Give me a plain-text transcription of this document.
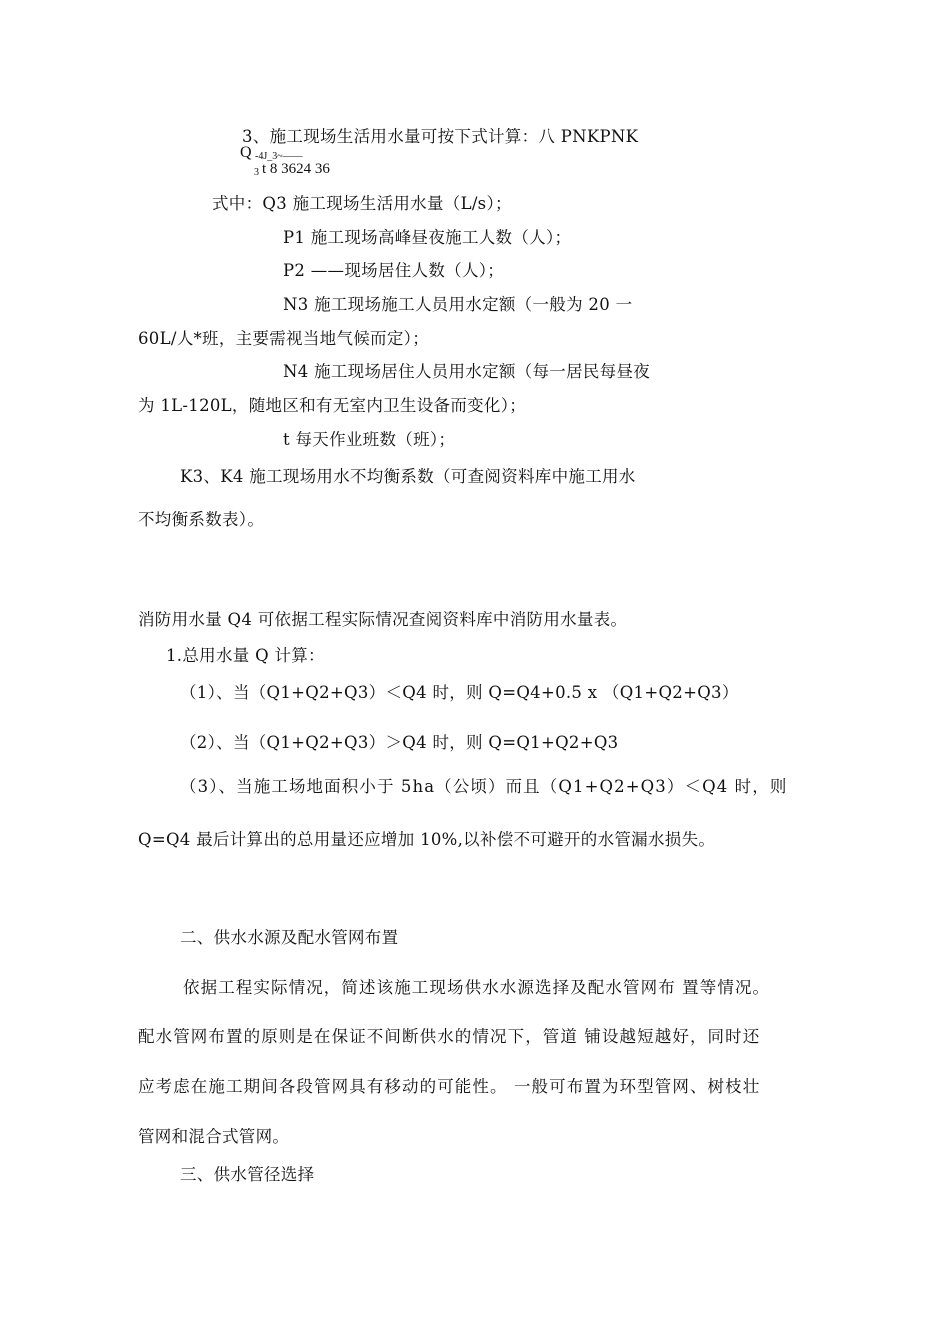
3、施工现场生活用水量可按下式计算：八 PNKPNK
Q -4J_3~——
3 t 8 3624 36
式中：Q3 施工现场生活用水量（L/s）；
P1 施工现场高峰昼夜施工人数（人）；
P2 ——现场居住人数（人）；
N3 施工现场施工人员用水定额（一般为 20 一
60L/人*班，主要需视当地气候而定）；
N4 施工现场居住人员用水定额（每一居民每昼夜
为 1L-120L，随地区和有无室内卫生设备而变化）；
t 每天作业班数（班）；
K3、K4 施工现场用水不均衡系数（可查阅资料库中施工用水
不均衡系数表）。
消防用水量 Q4 可依据工程实际情况查阅资料库中消防用水量表。
1.总用水量 Q 计算：
（1）、当（Q1+Q2+Q3）＜Q4 时，则 Q=Q4+0.5 x （Q1+Q2+Q3）
（2）、当（Q1+Q2+Q3）＞Q4 时，则 Q=Q1+Q2+Q3
（3）、当施工场地面积小于 5ha（公顷）而且（Q1+Q2+Q3）＜Q4 时，则
Q=Q4 最后计算出的总用量还应增加 10%,以补偿不可避开的水管漏水损失。
二、供水水源及配水管网布置
依据工程实际情况，简述该施工现场供水水源选择及配水管网布 置等情况。
配水管网布置的原则是在保证不间断供水的情况下，管道 铺设越短越好，同时还
应考虑在施工期间各段管网具有移动的可能性。 一般可布置为环型管网、树枝壮
管网和混合式管网。
三、供水管径选择
